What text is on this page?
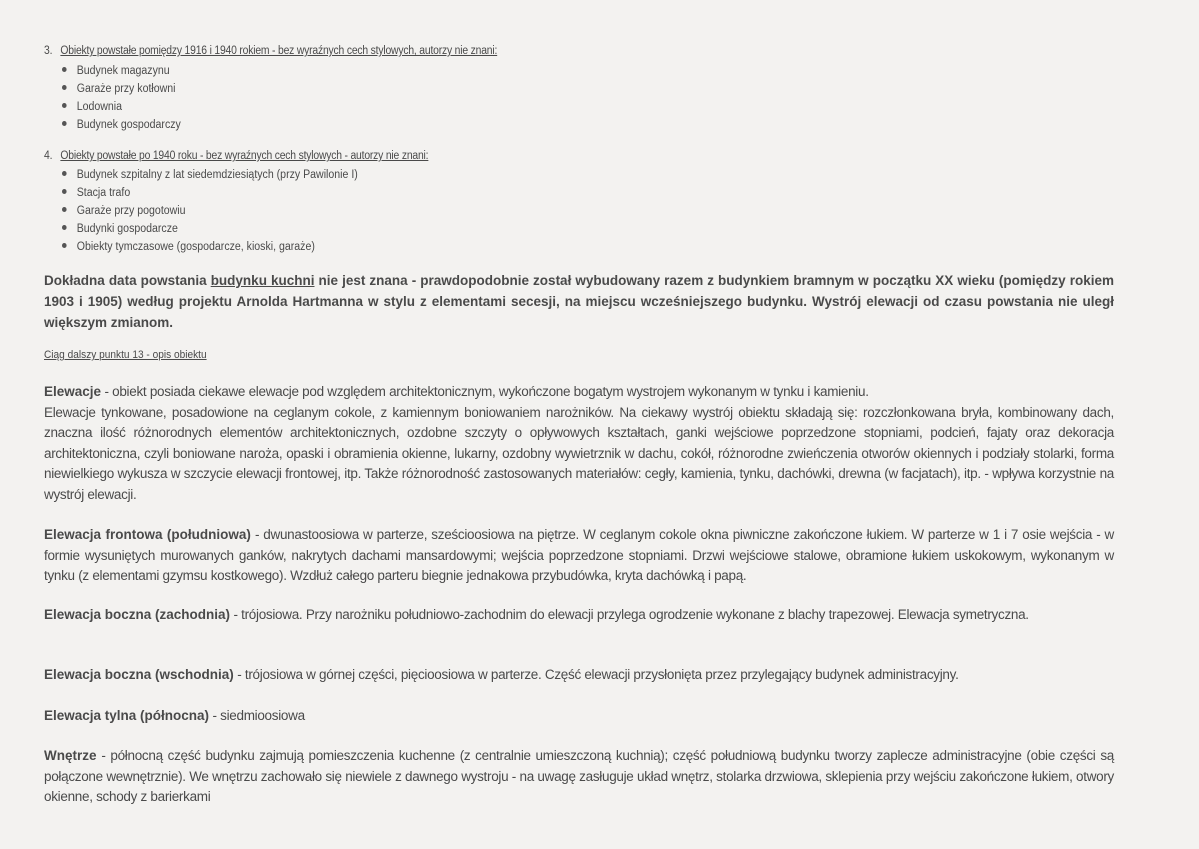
3. Obiekty powstałe pomiędzy 1916 i 1940 rokiem - bez wyraźnych cech stylowych, autorzy nie znani:
Budynek magazynu
Garaże przy kotłowni
Lodownia
Budynek gospodarczy
4. Obiekty powstałe po 1940 roku - bez wyraźnych cech stylowych - autorzy nie znani:
Budynek szpitalny z lat siedemdziesiątych (przy Pawilonie I)
Stacja trafo
Garaże przy pogotowiu
Budynki gospodarcze
Obiekty tymczasowe (gospodarcze, kioski, garaże)

Dokładna data powstania budynku kuchni nie jest znana - prawdopodobnie został wybudowany razem z budynkiem bramnym w początku XX wieku (pomiędzy rokiem 1903 i 1905) według projektu Arnolda Hartmanna w stylu z elementami secesji, na miejscu wcześniejszego budynku. Wystrój elewacji od czasu powstania nie uległ większym zmianom.

Ciąg dalszy punktu 13 - opis obiektu

Elewacje - obiekt posiada ciekawe elewacje pod względem architektonicznym, wykończone bogatym wystrojem wykonanym w tynku i kamieniu.
Elewacje tynkowane, posadowione na ceglanym cokole, z kamiennym boniowaniem narożników. Na ciekawy wystrój obiektu składają się: rozczłonkowana bryła, kombinowany dach, znaczna ilość różnorodnych elementów architektonicznych, ozdobne szczyty o opływowych kształtach, ganki wejściowe poprzedzone stopniami, podcień, fajaty oraz dekoracja architektoniczna, czyli boniowane naroża, opaski i obramienia okienne, lukarny, ozdobny wywietrznik w dachu, cokół, różnorodne zwieńczenia otworów okiennych i podziały stolarki, forma niewielkiego wykusza w szczycie elewacji frontowej, itp. Także różnorodność zastosowanych materiałów: cegły, kamienia, tynku, dachówki, drewna (w facjatach), itp. - wpływa korzystnie na wystrój elewacji.

Elewacja frontowa (południowa) - dwunastoosiowa w parterze, sześcioosiowa na piętrze. W ceglanym cokole okna piwniczne zakończone łukiem. W parterze w 1 i 7 osie wejścia - w formie wysuniętych murowanych ganków, nakrytych dachami mansardowymi; wejścia poprzedzone stopniami. Drzwi wejściowe stalowe, obramione łukiem uskokowym, wykonanym w tynku (z elementami gzymsu kostkowego). Wzdłuż całego parteru biegnie jednakowa przybudówka, kryta dachówką i papą.

Elewacja boczna (zachodnia) - trójosiowa. Przy narożniku południowo-zachodnim do elewacji przylega ogrodzenie wykonane z blachy trapezowej. Elewacja symetryczna.

Elewacja boczna (wschodnia) - trójosiowa w górnej części, pięcioosiowa w parterze. Część elewacji przysłonięta przez przylegający budynek administracyjny.

Elewacja tylna (północna) - siedmioosiowa

Wnętrze - północną część budynku zajmują pomieszczenia kuchenne (z centralnie umieszczoną kuchnią); część południową budynku tworzy zaplecze administracyjne (obie części są połączone wewnętrznie). We wnętrzu zachowało się niewiele z dawnego wystroju - na uwagę zasługuje układ wnętrz, stolarka drzwiowa, sklepienia przy wejściu zakończone łukiem, otwory okienne, schody z barierkami
